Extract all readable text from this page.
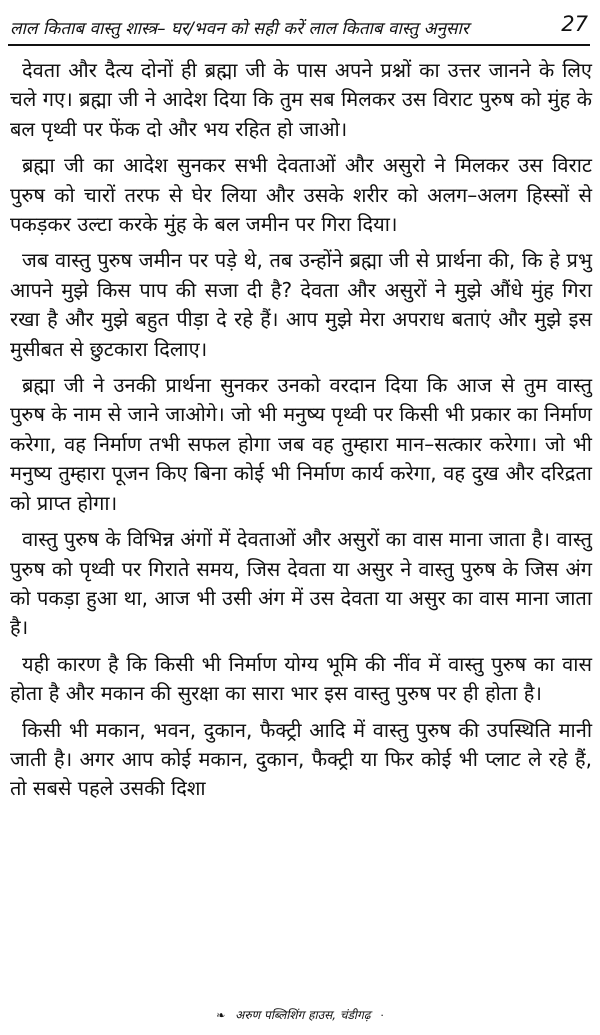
लाल किताब वास्तु शास्त्र– घर/भवन को सही करें लाल किताब वास्तु अनुसार	27

देवता और दैत्य दोनों ही ब्रह्मा जी के पास अपने प्रश्नों का उत्तर जानने के लिए चले गए। ब्रह्मा जी ने आदेश दिया कि तुम सब मिलकर उस विराट पुरुष को मुंह के बल पृथ्वी पर फेंक दो और भय रहित हो जाओ।

ब्रह्मा जी का आदेश सुनकर सभी देवताओं और असुरो ने मिलकर उस विराट पुरुष को चारों तरफ से घेर लिया और उसके शरीर को अलग–अलग हिस्सों से पकड़कर उल्टा करके मुंह के बल जमीन पर गिरा दिया।

जब वास्तु पुरुष जमीन पर पड़े थे, तब उन्होंने ब्रह्मा जी से प्रार्थना की, कि हे प्रभु आपने मुझे किस पाप की सजा दी है? देवता और असुरों ने मुझे औंधे मुंह गिरा रखा है और मुझे बहुत पीड़ा दे रहे हैं। आप मुझे मेरा अपराध बताएं और मुझे इस मुसीबत से छुटकारा दिलाए।

ब्रह्मा जी ने उनकी प्रार्थना सुनकर उनको वरदान दिया कि आज से तुम वास्तु पुरुष के नाम से जाने जाओगे। जो भी मनुष्य पृथ्वी पर किसी भी प्रकार का निर्माण करेगा, वह निर्माण तभी सफल होगा जब वह तुम्हारा मान–सत्कार करेगा। जो भी मनुष्य तुम्हारा पूजन किए बिना कोई भी निर्माण कार्य करेगा, वह दुख और दरिद्रता को प्राप्त होगा।

वास्तु पुरुष के विभिन्न अंगों में देवताओं और असुरों का वास माना जाता है। वास्तु पुरुष को पृथ्वी पर गिराते समय, जिस देवता या असुर ने वास्तु पुरुष के जिस अंग को पकड़ा हुआ था, आज भी उसी अंग में उस देवता या असुर का वास माना जाता है।

यही कारण है कि किसी भी निर्माण योग्य भूमि की नींव में वास्तु पुरुष का वास होता है और मकान की सुरक्षा का सारा भार इस वास्तु पुरुष पर ही होता है।

किसी भी मकान, भवन, दुकान, फैक्ट्री आदि में वास्तु पुरुष की उपस्थिति मानी जाती है। अगर आप कोई मकान, दुकान, फैक्ट्री या फिर कोई भी प्लाट ले रहे हैं, तो सबसे पहले उसकी दिशा

❧ अरुण पब्लिशिंग हाउस, चंडीगढ़ ·
